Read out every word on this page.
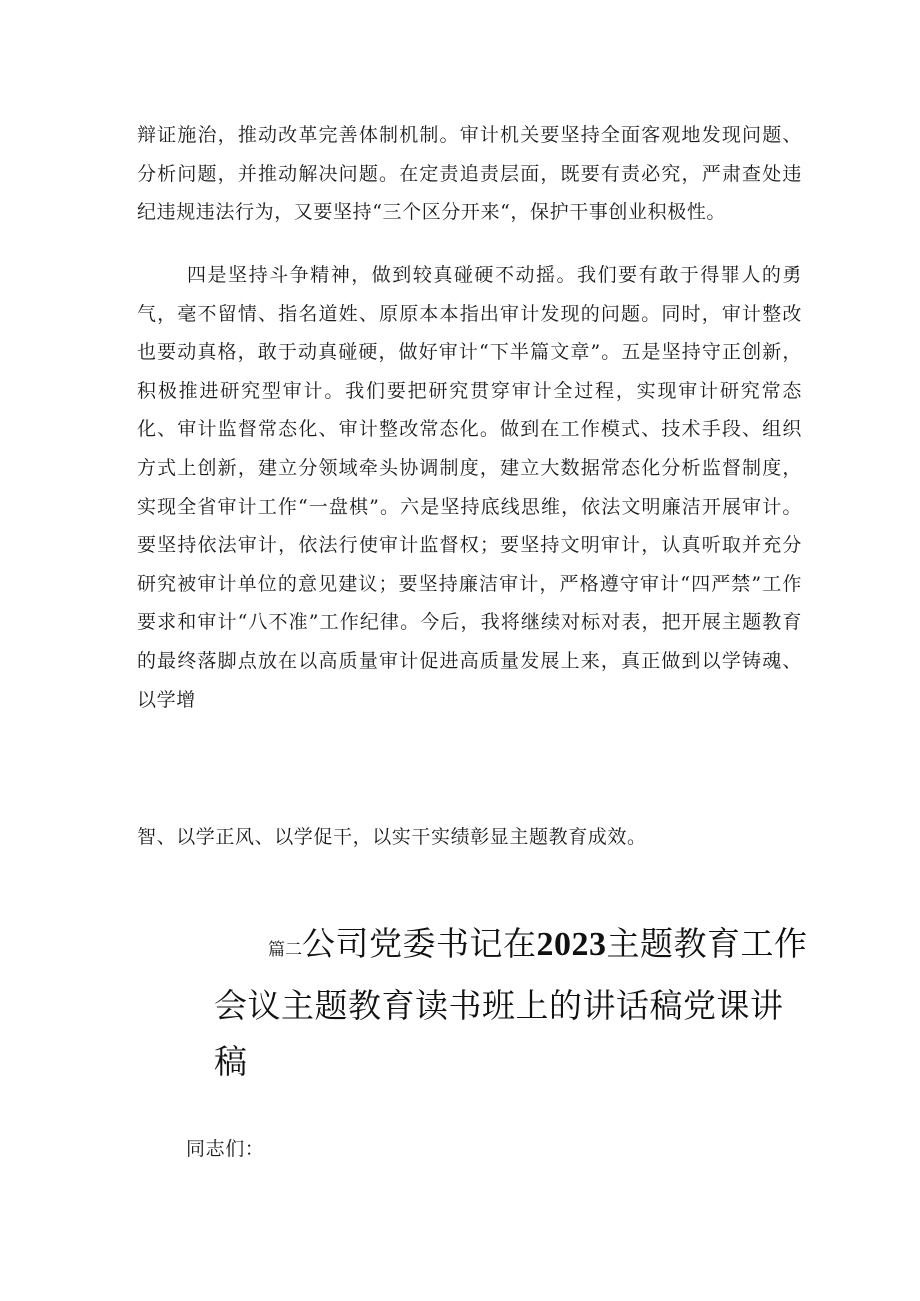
辩证施治，推动改革完善体制机制。审计机关要坚持全面客观地发现问题、分析问题，并推动解决问题。在定责追责层面，既要有责必究，严肃查处违纪违规违法行为，又要坚持“三个区分开来“，保护干事创业积极性。

四是坚持斗争精神，做到较真碰硬不动摇。我们要有敢于得罪人的勇气，毫不留情、指名道姓、原原本本指出审计发现的问题。同时，审计整改也要动真格，敢于动真碰硬，做好审计“下半篇文章”。五是坚持守正创新，积极推进研究型审计。我们要把研究贯穿审计全过程，实现审计研究常态化、审计监督常态化、审计整改常态化。做到在工作模式、技术手段、组织方式上创新，建立分领域牵头协调制度，建立大数据常态化分析监督制度，实现全省审计工作“一盘棋”。六是坚持底线思维，依法文明廉洁开展审计。要坚持依法审计，依法行使审计监督权；要坚持文明审计，认真听取并充分研究被审计单位的意见建议；要坚持廉洁审计，严格遵守审计“四严禁”工作要求和审计“八不准”工作纪律。今后，我将继续对标对表，把开展主题教育的最终落脚点放在以高质量审计促进高质量发展上来，真正做到以学铸魂、以学增

智、以学正风、以学促干，以实干实绩彰显主题教育成效。

篇二公司党委书记在2023主题教育工作会议主题教育读书班上的讲话稿党课讲稿

同志们：
